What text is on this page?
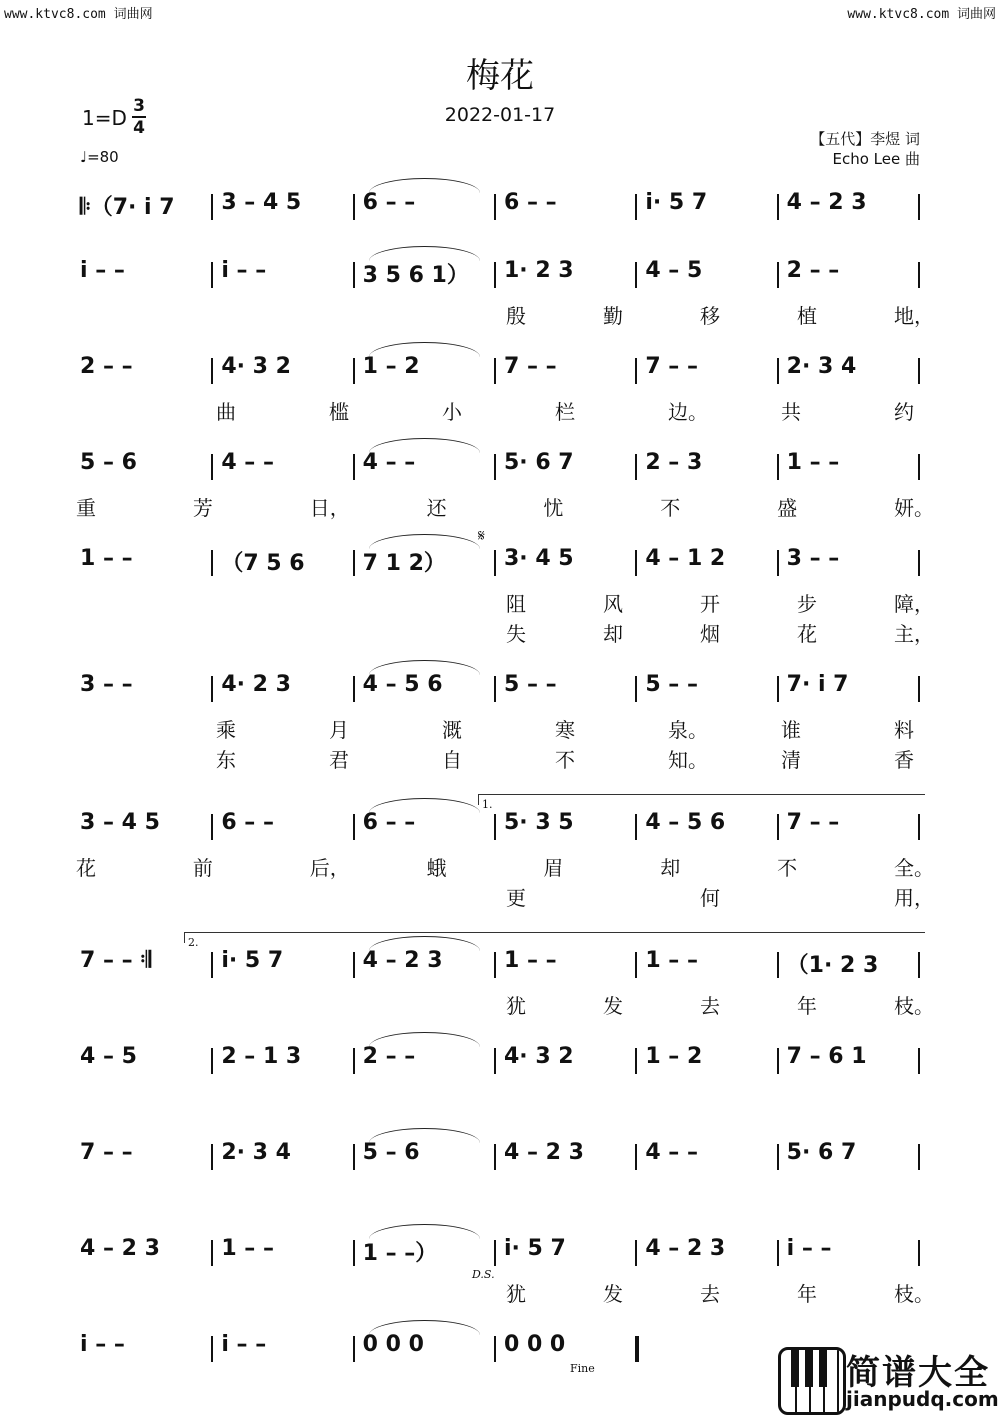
www.ktvc8.com 词曲网	www.ktvc8.com 词曲网
梅花
2022-01-17
1=D 3
4
♩=80
【五代】李煜 词
Echo Lee 曲
𝄆（7· i 7 3 – 4 5	6 – –	6 – –	i· 5 7	4 – 2 3
i – –	i – –	3 5 6 1） 1· 2 3	4 – 5	2 – –
殷	勤	移	植	地，
2 – –	4· 3 2	1 – 2	7 – –	7 – –	2· 3 4
曲	槛	小	栏	边。	共	约
5 – 6	4 – –	4 – –	5· 6 7	2 – 3	1 – –
重	芳	日，	还	忧	不	盛	妍。
1 – –	（7 5 6	7 1 2）	3· 4 5	4 – 1 2	3 – –
阻	风	开	步	障，
失	却	烟	花	主，
3 – –	4· 2 3	4 – 5 6	5 – –	5 – –	7· i 7
乘	月	溉	寒	泉。	谁	料
东	君	自	不	知。	清	香
3 – 4 5	6 – –	6 – –	5· 3 5	4 – 5 6	7 – –
花	前	后，	蛾	眉	却	不	全。
更	何	用，
7 – – 𝄇	i· 5 7	4 – 2 3	1 – –	1 – –	（1· 2 3
犹	发	去	年	枝。
4 – 5	2 – 1 3	2 – –	4· 3 2	1 – 2	7 – 6 1
7 – –	2· 3 4	5 – 6	4 – 2 3	4 – –	5· 6 7
4 – 2 3	1 – –	1 – –）	i· 5 7	4 – 2 3	i – –
犹	发	去	年	枝。
i – –	i – –	0 0 0	0 0 0
𝄋
D.S.
Fine
1.
2.
简谱大全
jianpudq.com
